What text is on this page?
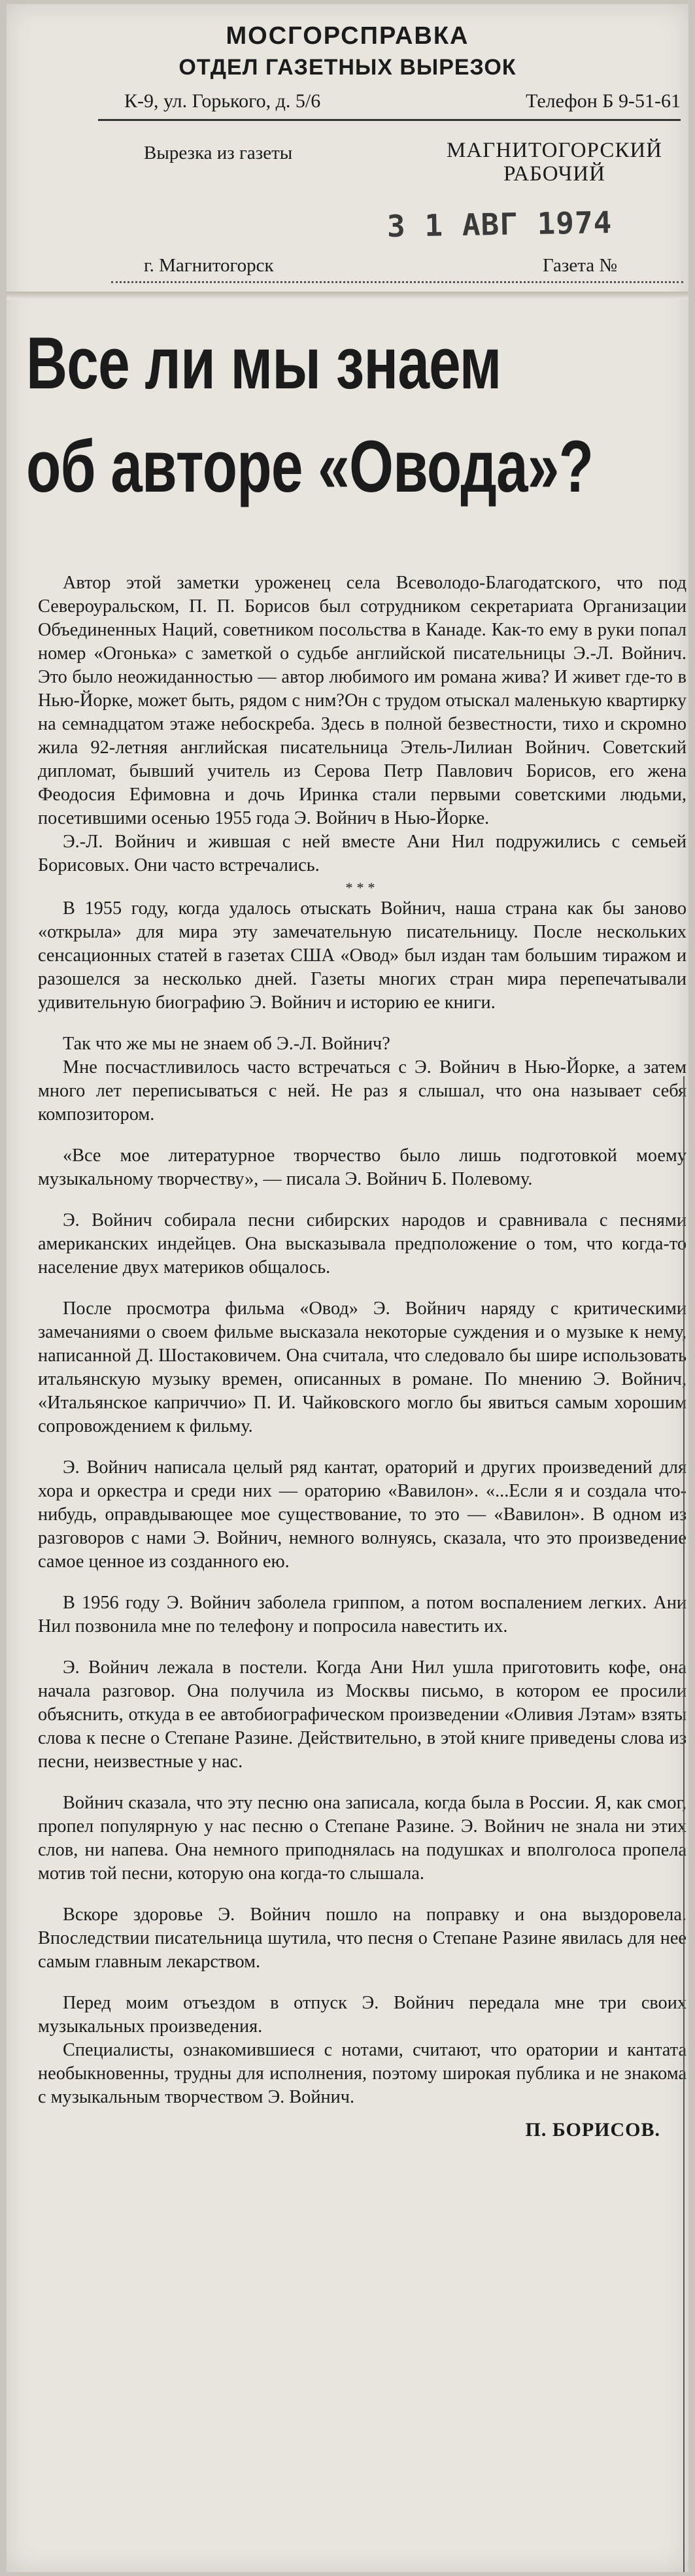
МОСГОРСПРАВКА
ОТДЕЛ ГАЗЕТНЫХ ВЫРЕЗОК
К-9, ул. Горького, д. 5/6	Телефон Б 9-51-61
Вырезка из газеты	МАГНИТОГОРСКИЙ
РАБОЧИЙ
3 1 АВГ 1974
г. Магнитогорск	Газета №
Все ли мы знаем
об авторе «Овода»?

Автор этой заметки уроженец села Всеволодо-Благодатского, что под Североуральском, П. П. Борисов был сотрудником секретариата Организации Объединенных Наций, советником посольства в Канаде. Как-то ему в руки попал номер «Огонька» с заметкой о судьбе английской писательницы Э.-Л. Войнич. Это было неожиданностью — автор любимого им романа жива? И живет где-то в Нью-Йорке, может быть, рядом с ним?Он с трудом отыскал маленькую квартирку на семнадцатом этаже небоскреба. Здесь в полной безвестности, тихо и скромно жила 92-летняя английская писательница Этель-Лилиан Войнич. Советский дипломат, бывший учитель из Серова Петр Павлович Борисов, его жена Феодосия Ефимовна и дочь Иринка стали первыми советскими людьми, посетившими осенью 1955 года Э. Войнич в Нью-Йорке.

Э.-Л. Войнич и жившая с ней вместе Ани Нил подружились с семьей Борисовых. Они часто встречались.

***

В 1955 году, когда удалось отыскать Войнич, наша страна как бы заново «открыла» для мира эту замечательную писательницу. После нескольких сенсационных статей в газетах США «Овод» был издан там большим тиражом и разошелся за несколько дней. Газеты многих стран мира перепечатывали удивительную биографию Э. Войнич и историю ее книги.

Так что же мы не знаем об Э.-Л. Войнич?

Мне посчастливилось часто встречаться с Э. Войнич в Нью-Йорке, а затем много лет переписываться с ней. Не раз я слышал, что она называет себя композитором.

«Все мое литературное творчество было лишь подготовкой моему музыкальному творчеству», — писала Э. Войнич Б. Полевому.

Э. Войнич собирала песни сибирских народов и сравнивала с песнями американских индейцев. Она высказывала предположение о том, что когда-то население двух материков общалось.

После просмотра фильма «Овод» Э. Войнич наряду с критическими замечаниями о своем фильме высказала некоторые суждения и о музыке к нему, написанной Д. Шостаковичем. Она считала, что следовало бы шире использовать итальянскую музыку времен, описанных в романе. По мнению Э. Войнич, «Итальянское каприччио» П. И. Чайковского могло бы явиться самым хорошим сопровождением к фильму.

Э. Войнич написала целый ряд кантат, ораторий и других произведений для хора и оркестра и среди них — ораторию «Вавилон». «...Если я и создала что-нибудь, оправдывающее мое существование, то это — «Вавилон». В одном из разговоров с нами Э. Войнич, немного волнуясь, сказала, что это произведение самое ценное из созданного ею.

В 1956 году Э. Войнич заболела гриппом, а потом воспалением легких. Ани Нил позвонила мне по телефону и попросила навестить их.

Э. Войнич лежала в постели. Когда Ани Нил ушла приготовить кофе, она начала разговор. Она получила из Москвы письмо, в котором ее просили объяснить, откуда в ее автобиографическом произведении «Оливия Лэтам» взяты слова к песне о Степане Разине. Действительно, в этой книге приведены слова из песни, неизвестные у нас.

Войнич сказала, что эту песню она записала, когда была в России. Я, как смог, пропел популярную у нас песню о Степане Разине. Э. Войнич не знала ни этих слов, ни напева. Она немного приподнялась на подушках и вполголоса пропела мотив той песни, которую она когда-то слышала.

Вскоре здоровье Э. Войнич пошло на поправку и она выздоровела. Впоследствии писательница шутила, что песня о Степане Разине явилась для нее самым главным лекарством.

Перед моим отъездом в отпуск Э. Войнич передала мне три своих музыкальных произведения.

Специалисты, ознакомившиеся с нотами, считают, что оратории и кантата необыкновенны, трудны для исполнения, поэтому широкая публика и не знакома с музыкальным творчеством Э. Войнич.

П. БОРИСОВ.
